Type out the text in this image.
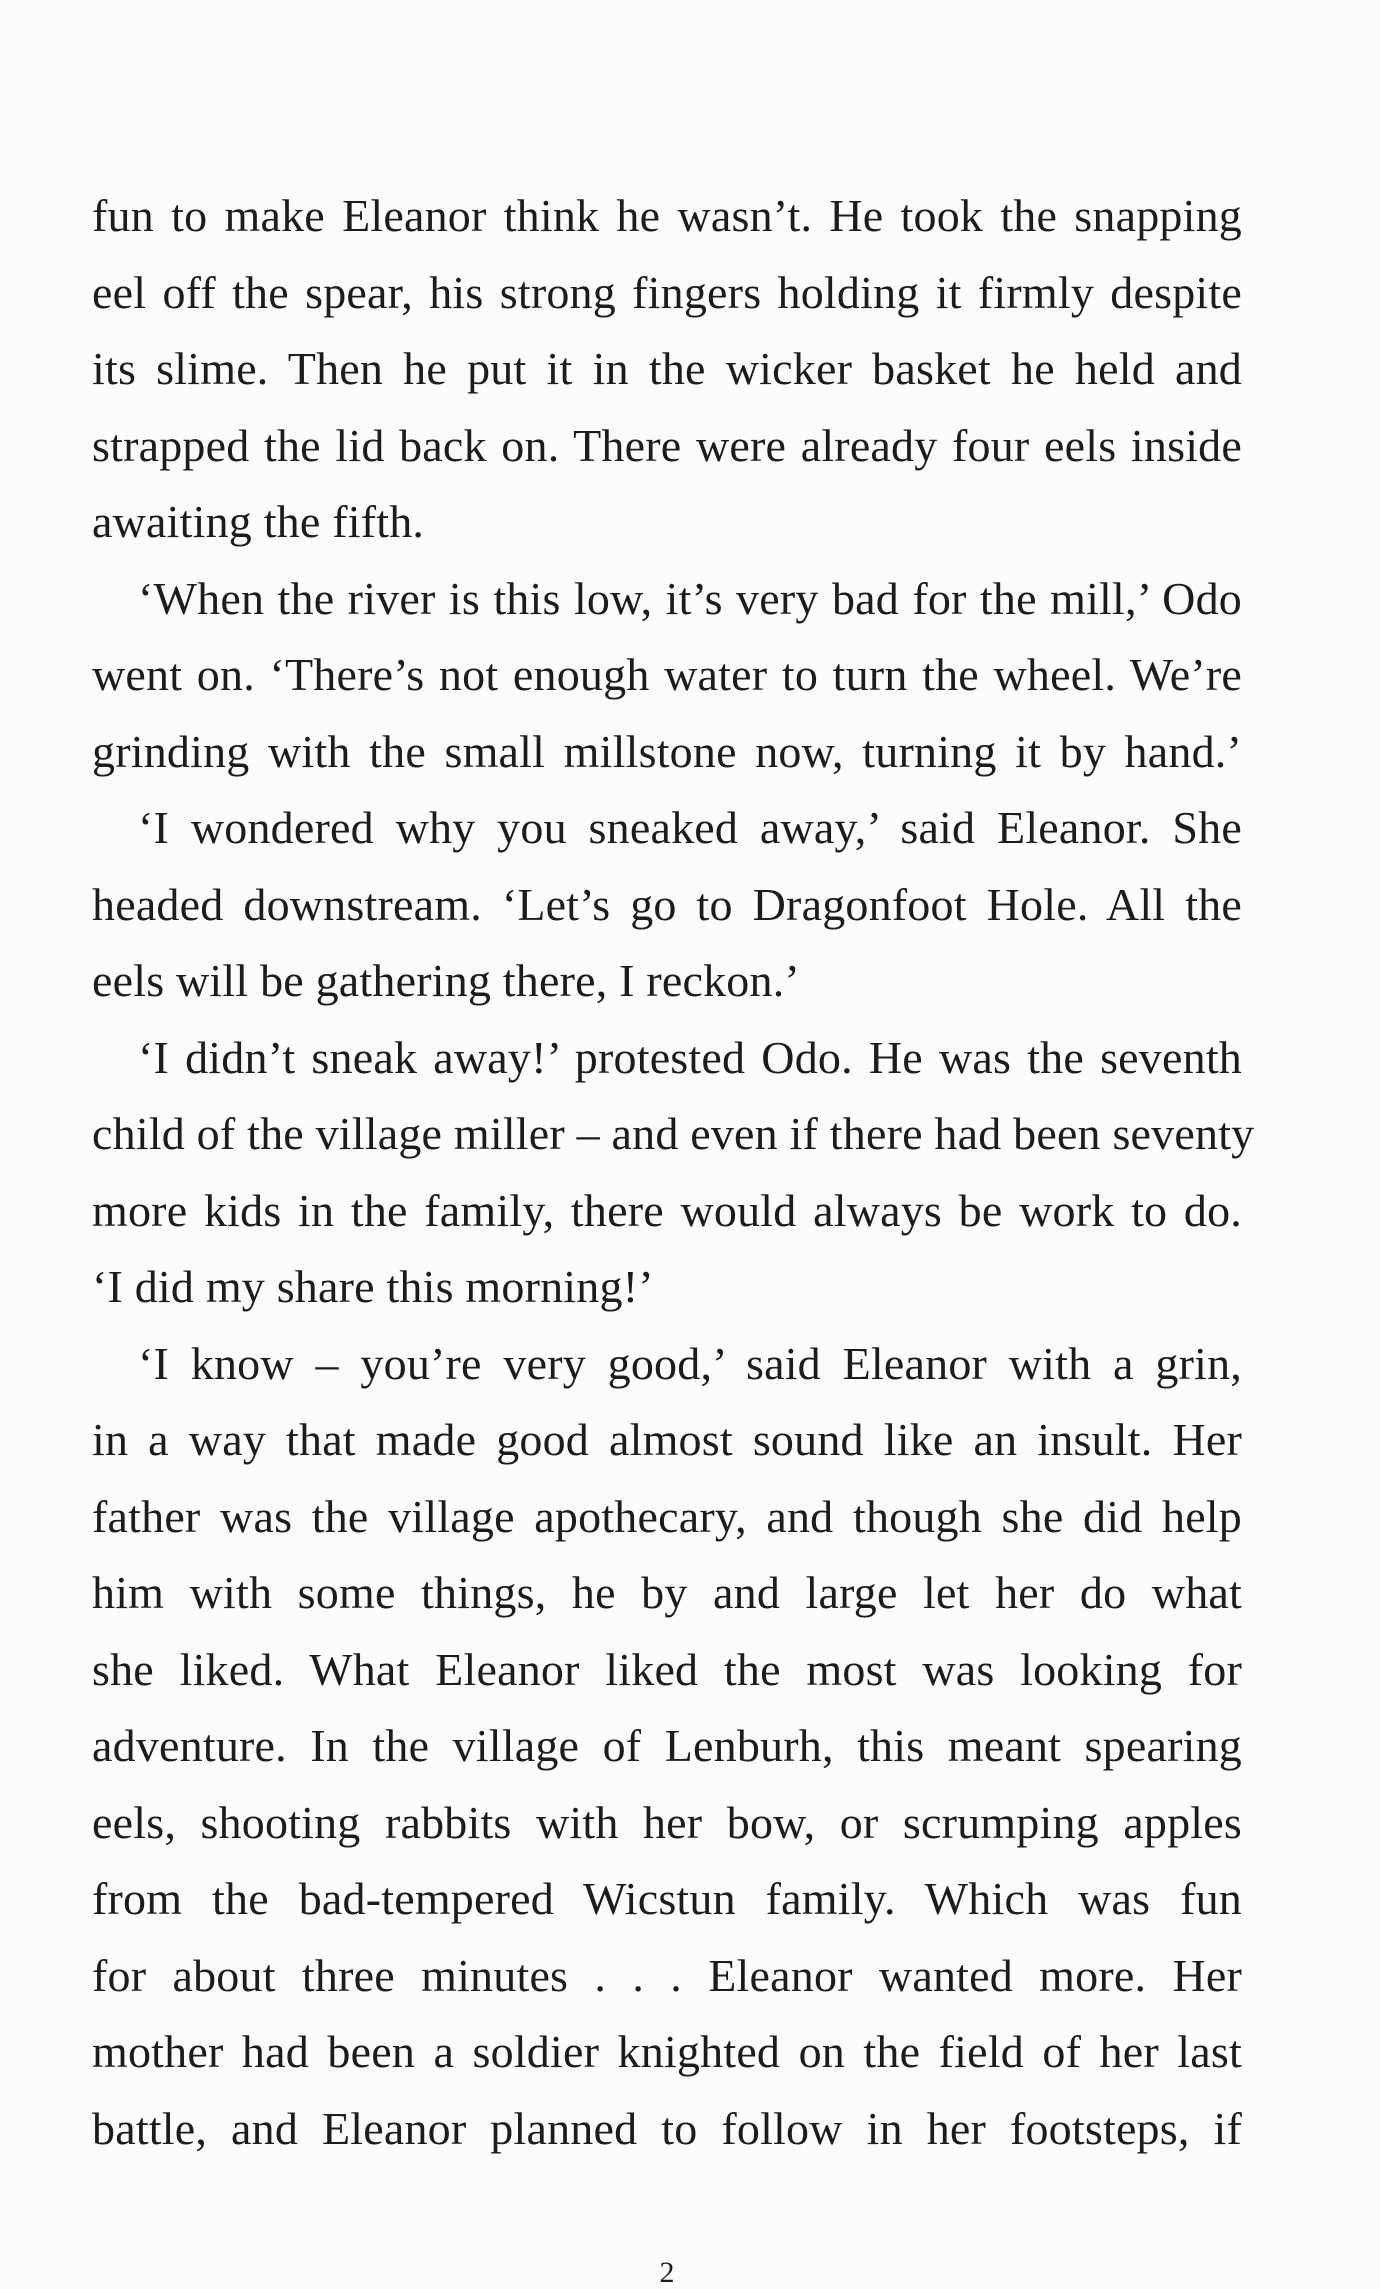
fun to make Eleanor think he wasn’t. He took the snapping
eel off the spear, his strong fingers holding it firmly despite
its slime. Then he put it in the wicker basket he held and
strapped the lid back on. There were already four eels inside
awaiting the fifth.
‘When the river is this low, it’s very bad for the mill,’ Odo
went on. ‘There’s not enough water to turn the wheel. We’re
grinding with the small millstone now, turning it by hand.’
‘I wondered why you sneaked away,’ said Eleanor. She
headed downstream. ‘Let’s go to Dragonfoot Hole. All the
eels will be gathering there, I reckon.’
‘I didn’t sneak away!’ protested Odo. He was the seventh
child of the village miller – and even if there had been seventy
more kids in the family, there would always be work to do.
‘I did my share this morning!’
‘I know – you’re very good,’ said Eleanor with a grin,
in a way that made good almost sound like an insult. Her
father was the village apothecary, and though she did help
him with some things, he by and large let her do what
she liked. What Eleanor liked the most was looking for
adventure. In the village of Lenburh, this meant spearing
eels, shooting rabbits with her bow, or scrumping apples
from the bad-tempered Wicstun family. Which was fun
for about three minutes . . . Eleanor wanted more. Her
mother had been a soldier knighted on the field of her last
battle, and Eleanor planned to follow in her footsteps, if
2
